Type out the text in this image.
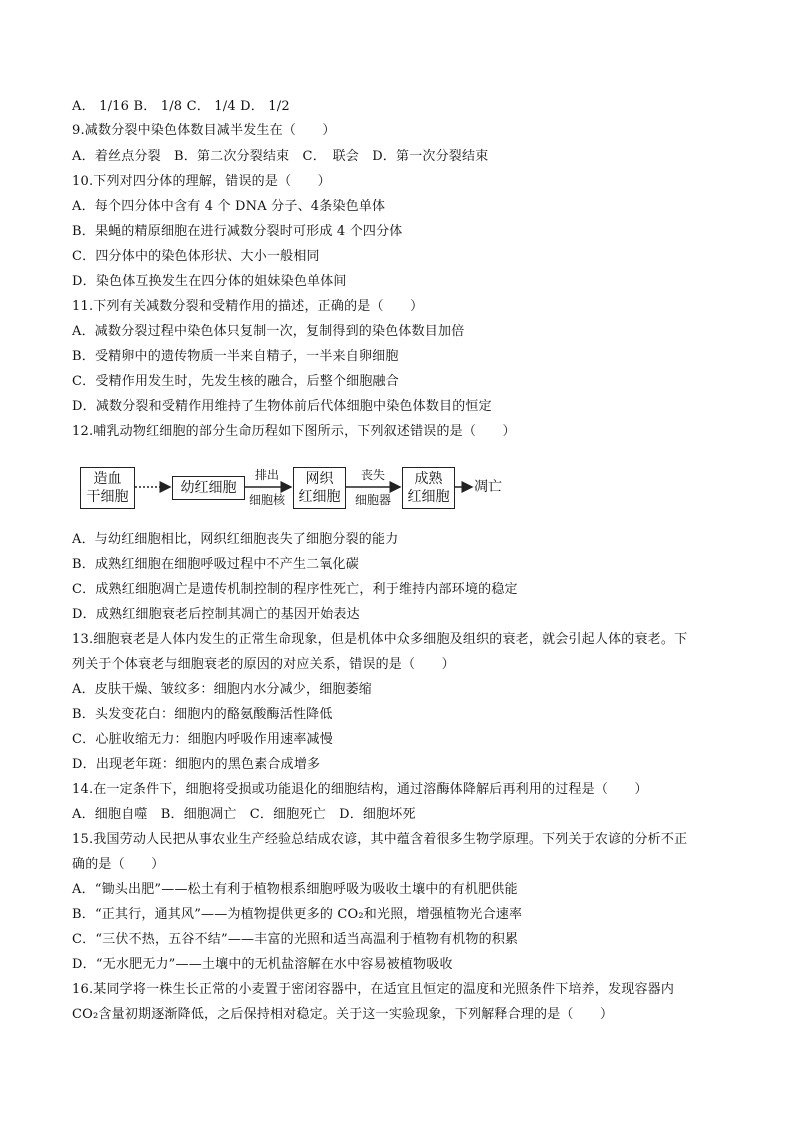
A． 1/16 B． 1/8 C． 1/4 D． 1/2
9.减数分裂中染色体数目减半发生在（　　）
A．着丝点分裂　B．第二次分裂结束　C．　联会　D．第一次分裂结束
10.下列对四分体的理解，错误的是（　　）
A．每个四分体中含有 4 个 DNA 分子、4条染色单体
B．果蝇的精原细胞在进行减数分裂时可形成 4 个四分体
C．四分体中的染色体形状、大小一般相同
D．染色体互换发生在四分体的姐妹染色单体间
11.下列有关减数分裂和受精作用的描述，正确的是（　　）
A．减数分裂过程中染色体只复制一次，复制得到的染色体数目加倍
B．受精卵中的遗传物质一半来自精子，一半来自卵细胞
C．受精作用发生时，先发生核的融合，后整个细胞融合
D．减数分裂和受精作用维持了生物体前后代体细胞中染色体数目的恒定
12.哺乳动物红细胞的部分生命历程如下图所示，下列叙述错误的是（　　）
造血
干细胞
幼红细胞
排出
细胞核
网织
红细胞
丧失
细胞器
成熟
红细胞
凋亡
A．与幼红细胞相比，网织红细胞丧失了细胞分裂的能力
B．成熟红细胞在细胞呼吸过程中不产生二氧化碳
C．成熟红细胞凋亡是遗传机制控制的程序性死亡，利于维持内部环境的稳定
D．成熟红细胞衰老后控制其凋亡的基因开始表达
13.细胞衰老是人体内发生的正常生命现象，但是机体中众多细胞及组织的衰老，就会引起人体的衰老。下
列关于个体衰老与细胞衰老的原因的对应关系，错误的是（　　）
A．皮肤干燥、皱纹多：细胞内水分减少，细胞萎缩
B．头发变花白：细胞内的酪氨酸酶活性降低
C．心脏收缩无力：细胞内呼吸作用速率减慢
D．出现老年斑：细胞内的黑色素合成增多
14.在一定条件下，细胞将受损或功能退化的细胞结构，通过溶酶体降解后再利用的过程是（　　）
A．细胞自噬　B．细胞凋亡　C．细胞死亡　D．细胞坏死
15.我国劳动人民把从事农业生产经验总结成农谚，其中蕴含着很多生物学原理。下列关于农谚的分析不正
确的是（　　）
A．“锄头出肥”——松土有利于植物根系细胞呼吸为吸收土壤中的有机肥供能
B．“正其行，通其风”——为植物提供更多的 CO₂和光照，增强植物光合速率
C．“三伏不热，五谷不结”——丰富的光照和适当高温利于植物有机物的积累
D．“无水肥无力”——土壤中的无机盐溶解在水中容易被植物吸收
16.某同学将一株生长正常的小麦置于密闭容器中，在适宜且恒定的温度和光照条件下培养，发现容器内
CO₂含量初期逐渐降低，之后保持相对稳定。关于这一实验现象，下列解释合理的是（　　）
